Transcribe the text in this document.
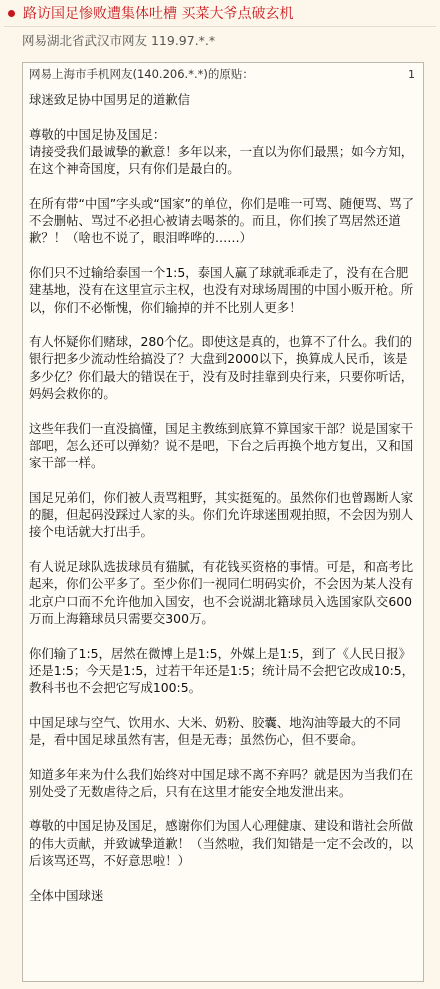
路访国足惨败遭集体吐槽 买菜大爷点破玄机
网易湖北省武汉市网友 119.97.*.*
网易上海市手机网友(140.206.*.*)的原贴：	1

球迷致足协中国男足的道歉信

尊敬的中国足协及国足：

请接受我们最诚挚的歉意！多年以来，一直以为你们最黑；如今方知，在这个神奇国度，只有你们是最白的。

在所有带“中国”字头或“国家”的单位，你们是唯一可骂、随便骂、骂了不会删帖、骂过不必担心被请去喝茶的。而且，你们挨了骂居然还道歉？！（啥也不说了，眼泪哗哗的……）

你们只不过输给泰国一个1:5，泰国人赢了球就乖乖走了，没有在合肥建基地，没有在这里宣示主权，也没有对球场周围的中国小贩开枪。所以，你们不必惭愧，你们输掉的并不比别人更多！

有人怀疑你们赌球，280个亿。即使这是真的，也算不了什么。我们的银行把多少流动性给搞没了？大盘到2000以下，换算成人民币，该是多少亿？你们最大的错误在于，没有及时挂靠到央行来，只要你听话，妈妈会救你的。

这些年我们一直没搞懂，国足主教练到底算不算国家干部？说是国家干部吧，怎么还可以弹劾？说不是吧，下台之后再换个地方复出，又和国家干部一样。

国足兄弟们，你们被人责骂粗野，其实挺冤的。虽然你们也曾踢断人家的腿，但起码没踩过人家的头。你们允许球迷围观拍照，不会因为别人接个电话就大打出手。

有人说足球队选拔球员有猫腻，有花钱买资格的事情。可是，和高考比起来，你们公平多了。至少你们一视同仁明码实价，不会因为某人没有北京户口而不允许他加入国安，也不会说湖北籍球员入选国家队交600万而上海籍球员只需要交300万。

你们输了1:5，居然在微博上是1:5，外媒上是1:5，到了《人民日报》还是1:5；今天是1:5，过若干年还是1:5；统计局不会把它改成10:5，教科书也不会把它写成100:5。

中国足球与空气、饮用水、大米、奶粉、胶囊、地沟油等最大的不同是，看中国足球虽然有害，但是无毒；虽然伤心，但不要命。

知道多年来为什么我们始终对中国足球不离不弃吗？就是因为当我们在别处受了无数虐待之后，只有在这里才能安全地发泄出来。

尊敬的中国足协及国足，感谢你们为国人心理健康、建设和谐社会所做的伟大贡献，并致诚挚道歉！（当然啦，我们知错是一定不会改的，以后该骂还骂，不好意思啦！）

全体中国球迷
